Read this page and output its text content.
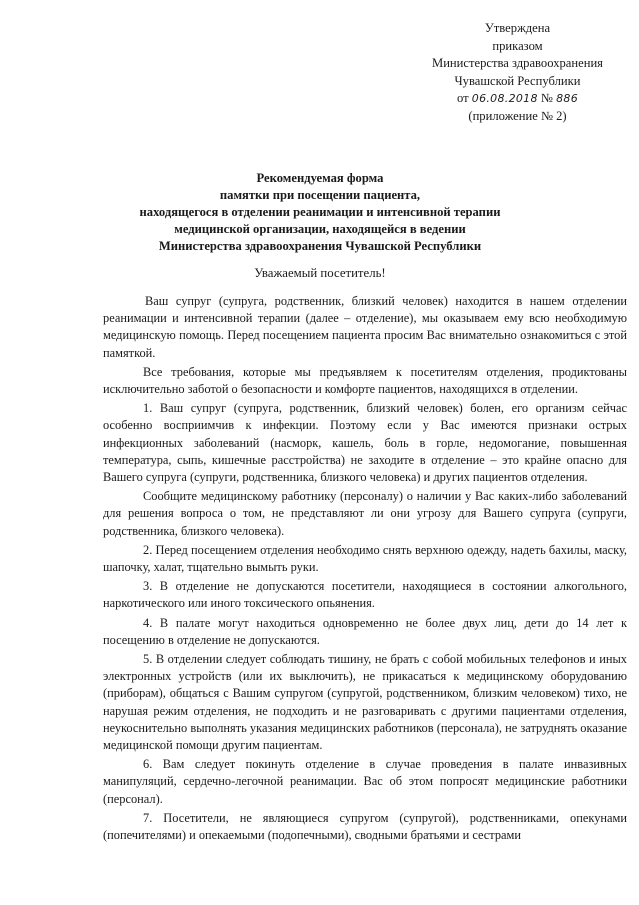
Утверждена
приказом
Министерства здравоохранения
Чувашской Республики
от 06.08.2018 № 886
(приложение № 2)
Рекомендуемая форма
памятки при посещении пациента,
находящегося в отделении реанимации и интенсивной терапии
медицинской организации, находящейся в ведении
Министерства здравоохранения Чувашской Республики
Уважаемый посетитель!

Ваш супруг (супруга, родственник, близкий человек) находится в нашем отделении реанимации и интенсивной терапии (далее – отделение), мы оказываем ему всю необходимую медицинскую помощь. Перед посещением пациента просим Вас внимательно ознакомиться с этой памяткой.

Все требования, которые мы предъявляем к посетителям отделения, продиктованы исключительно заботой о безопасности и комфорте пациентов, находящихся в отделении.

1. Ваш супруг (супруга, родственник, близкий человек) болен, его организм сейчас особенно восприимчив к инфекции. Поэтому если у Вас имеются признаки острых инфекционных заболеваний (насморк, кашель, боль в горле, недомогание, повышенная температура, сыпь, кишечные расстройства) не заходите в отделение – это крайне опасно для Вашего супруга (супруги, родственника, близкого человека) и других пациентов отделения.

Сообщите медицинскому работнику (персоналу) о наличии у Вас каких-либо заболеваний для решения вопроса о том, не представляют ли они угрозу для Вашего супруга (супруги, родственника, близкого человека).

2. Перед посещением отделения необходимо снять верхнюю одежду, надеть бахилы, маску, шапочку, халат, тщательно вымыть руки.

3. В отделение не допускаются посетители, находящиеся в состоянии алкогольного, наркотического или иного токсического опьянения.

4. В палате могут находиться одновременно не более двух лиц, дети до 14 лет к посещению в отделение не допускаются.

5. В отделении следует соблюдать тишину, не брать с собой мобильных телефонов и иных электронных устройств (или их выключить), не прикасаться к медицинскому оборудованию (приборам), общаться с Вашим супругом (супругой, родственником, близким человеком) тихо, не нарушая режим отделения, не подходить и не разговаривать с другими пациентами отделения, неукоснительно выполнять указания медицинских работников (персонала), не затруднять оказание медицинской помощи другим пациентам.

6. Вам следует покинуть отделение в случае проведения в палате инвазивных манипуляций, сердечно-легочной реанимации. Вас об этом попросят медицинские работники (персонал).

7. Посетители, не являющиеся супругом (супругой), родственниками, опекунами (попечителями) и опекаемыми (подопечными), сводными братьями и сестрами
